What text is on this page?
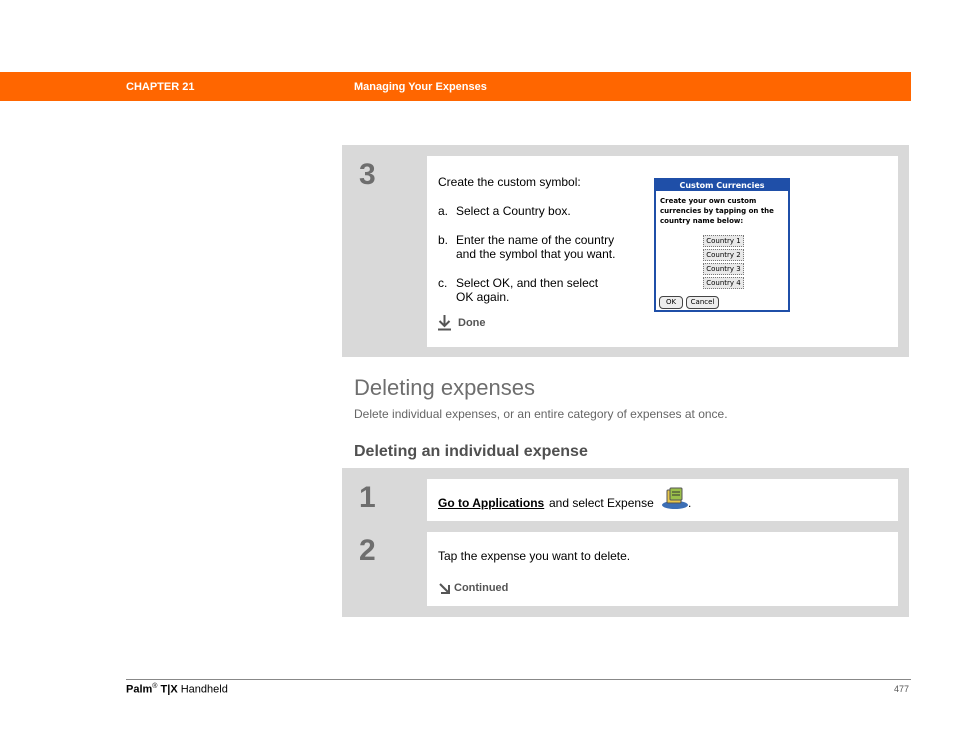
CHAPTER 21	Managing Your Expenses
3	Create the custom symbol:
a. Select a Country box.
b. Enter the name of the country
and the symbol that you want.
c. Select OK, and then select
OK again.
Done
Custom Currencies
Create your own custom currencies by tapping on the country name below:
Country 1
Country 2
Country 3
Country 4
OK	Cancel
Deleting expenses
Delete individual expenses, or an entire category of expenses at once.
Deleting an individual expense
1	Go to Applications and select Expense	.
2	Tap the expense you want to delete.
Continued
Palm® T|X Handheld	477
